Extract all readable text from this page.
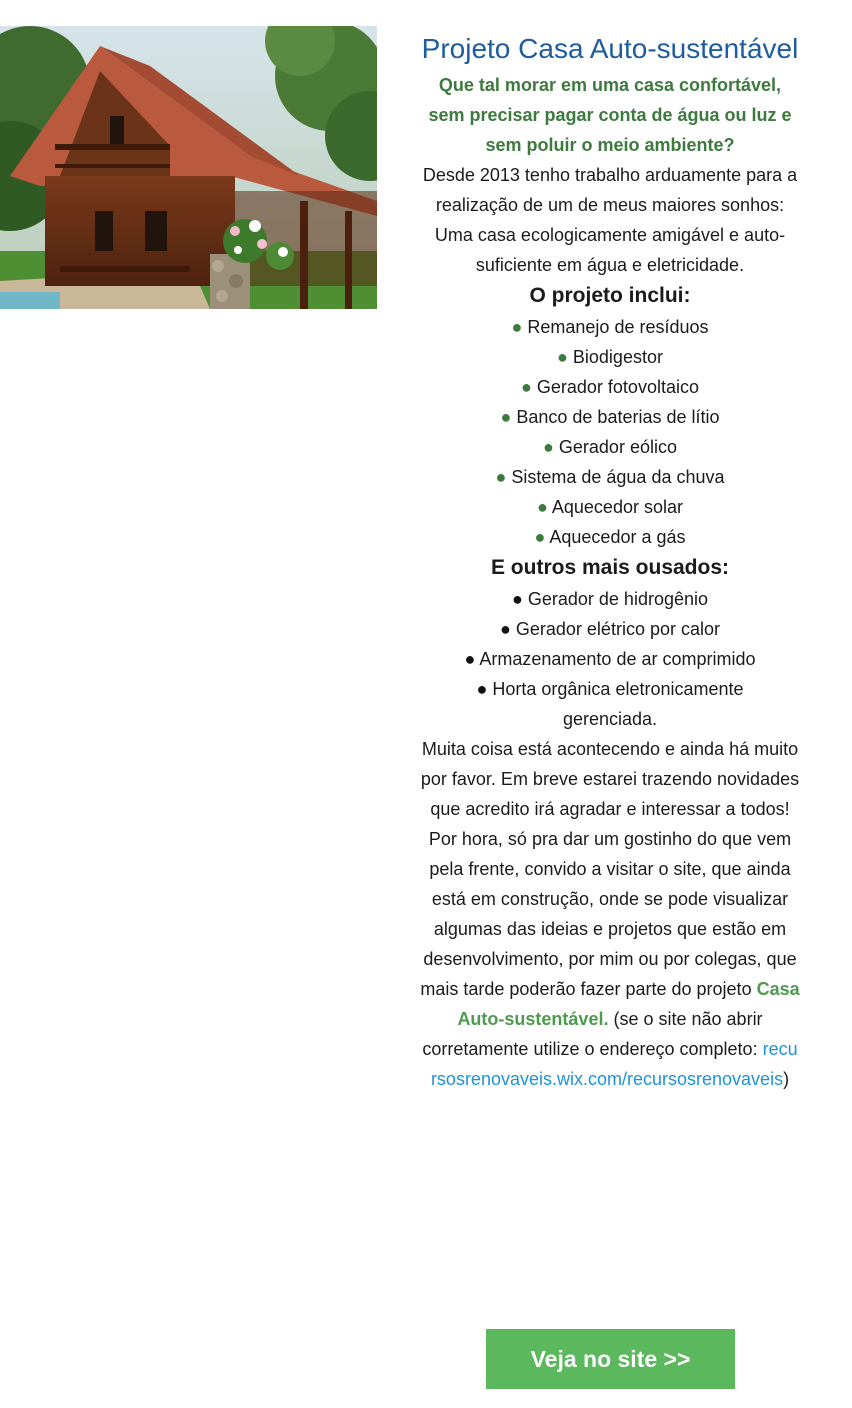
Projeto Casa Auto-sustentável

Que tal morar em uma casa confortável, sem precisar pagar conta de água ou luz e sem poluir o meio ambiente?

Desde 2013 tenho trabalho arduamente para a realização de um de meus maiores sonhos: Uma casa ecologicamente amigável e auto-suficiente em água e eletricidade.

O projeto inclui:
● Remanejo de resíduos
● Biodigestor
● Gerador fotovoltaico
● Banco de baterias de lítio
● Gerador eólico
● Sistema de água da chuva
● Aquecedor solar
● Aquecedor a gás
E outros mais ousados:
● Gerador de hidrogênio
● Gerador elétrico por calor
● Armazenamento de ar comprimido
● Horta orgânica eletronicamente gerenciada.

Muita coisa está acontecendo e ainda há muito por favor. Em breve estarei trazendo novidades que acredito irá agradar e interessar a todos! Por hora, só pra dar um gostinho do que vem pela frente, convido a visitar o site, que ainda está em construção, onde se pode visualizar algumas das ideias e projetos que estão em desenvolvimento, por mim ou por colegas, que mais tarde poderão fazer parte do projeto Casa Auto-sustentável. (se o site não abrir corretamente utilize o endereço completo: recursosrenovaveis.wix.com/recursosrenovaveis)

Veja no site >>
